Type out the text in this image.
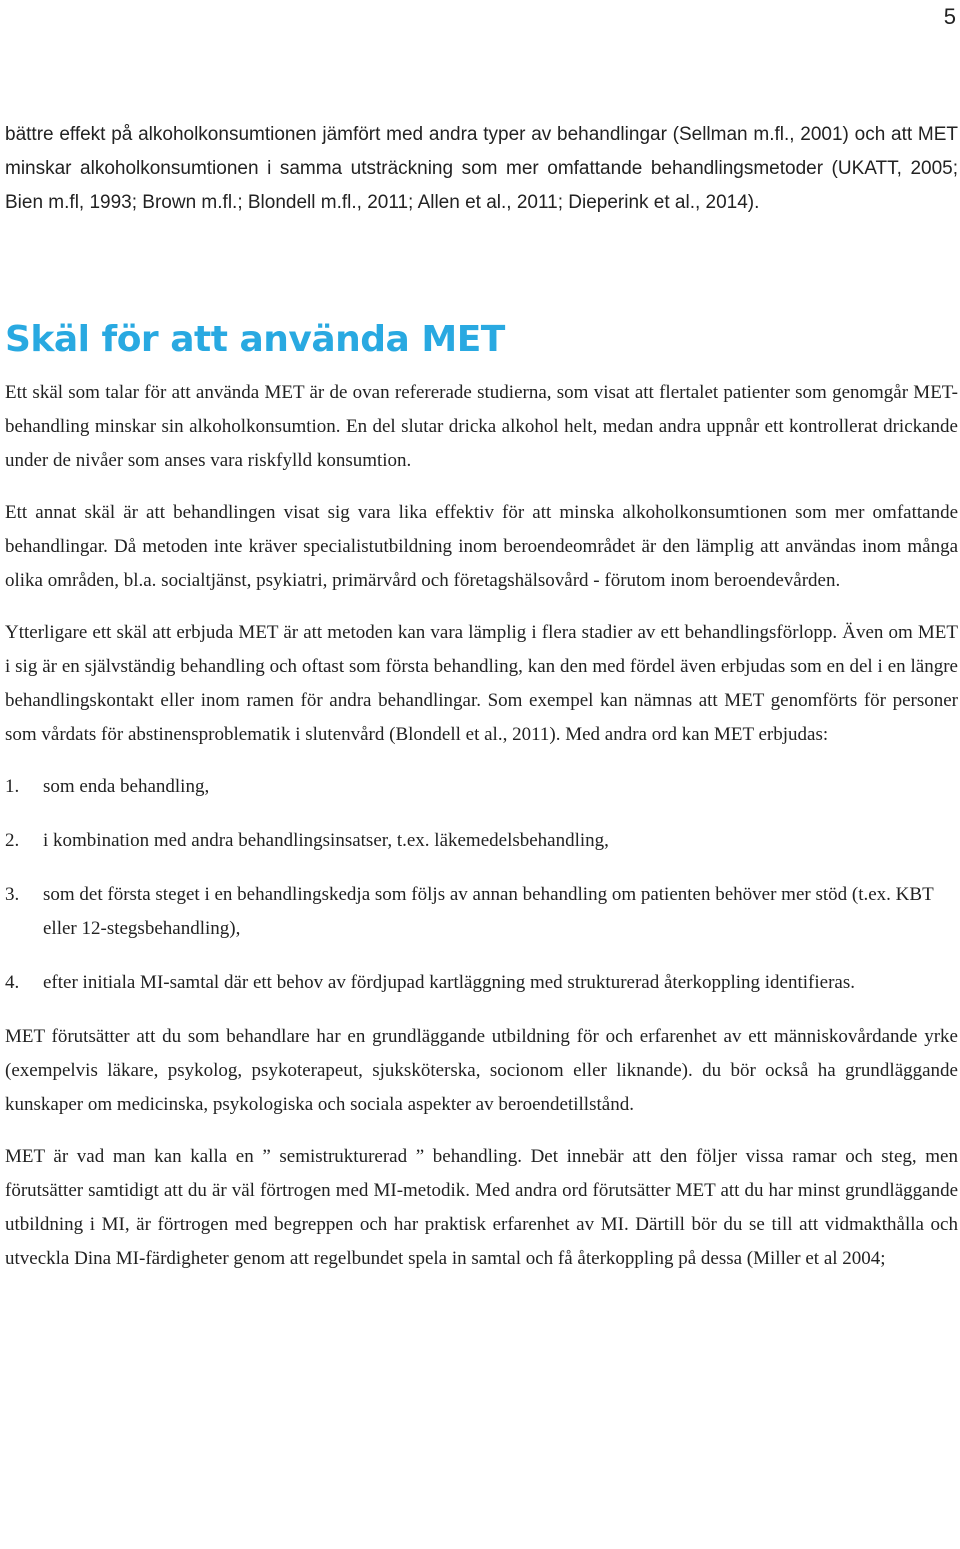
5

bättre effekt på alkoholkonsumtionen jämfört med andra typer av behandlingar (Sellman m.fl., 2001) och att MET minskar alkoholkonsumtionen i samma utsträckning som mer omfattande behandlingsmetoder (UKATT, 2005; Bien m.fl, 1993; Brown m.fl.; Blondell m.fl., 2011; Allen et al., 2011; Dieperink et al., 2014).

Skäl för att använda MET

Ett skäl som talar för att använda MET är de ovan refererade studierna, som visat att flertalet patienter som genomgår MET-behandling minskar sin alkoholkonsumtion. En del slutar dricka alkohol helt, medan andra uppnår ett kontrollerat drickande under de nivåer som anses vara riskfylld konsumtion.

Ett annat skäl är att behandlingen visat sig vara lika effektiv för att minska alkoholkonsumtionen som mer omfattande behandlingar. Då metoden inte kräver specialistutbildning inom beroendeområdet är den lämplig att användas inom många olika områden, bl.a. socialtjänst, psykiatri, primärvård och företagshälsovård - förutom inom beroendevården.

Ytterligare ett skäl att erbjuda MET är att metoden kan vara lämplig i flera stadier av ett behandlingsförlopp. Även om MET i sig är en självständig behandling och oftast som första behandling, kan den med fördel även erbjudas som en del i en längre behandlingskontakt eller inom ramen för andra behandlingar. Som exempel kan nämnas att MET genomförts för personer som vårdats för abstinensproblematik i slutenvård (Blondell et al., 2011). Med andra ord kan MET erbjudas:

1.	som enda behandling,
2.	i kombination med andra behandlingsinsatser, t.ex. läkemedelsbehandling,
3.	som det första steget i en behandlingskedja som följs av annan behandling om patienten behöver mer stöd (t.ex. KBT eller 12-stegsbehandling),
4.	efter initiala MI-samtal där ett behov av fördjupad kartläggning med strukturerad återkoppling identifieras.

MET förutsätter att du som behandlare har en grundläggande utbildning för och erfarenhet av ett människovårdande yrke (exempelvis läkare, psykolog, psykoterapeut, sjuksköterska, socionom eller liknande). du bör också ha grundläggande kunskaper om medicinska, psykologiska och sociala aspekter av beroendetillstånd.

MET är vad man kan kalla en ” semistrukturerad ” behandling. Det innebär att den följer vissa ramar och steg, men förutsätter samtidigt att du är väl förtrogen med MI-metodik. Med andra ord förutsätter MET att du har minst grundläggande utbildning i MI, är förtrogen med begreppen och har praktisk erfarenhet av MI. Därtill bör du se till att vidmakthålla och utveckla Dina MI-färdigheter genom att regelbundet spela in samtal och få återkoppling på dessa (Miller et al 2004;
